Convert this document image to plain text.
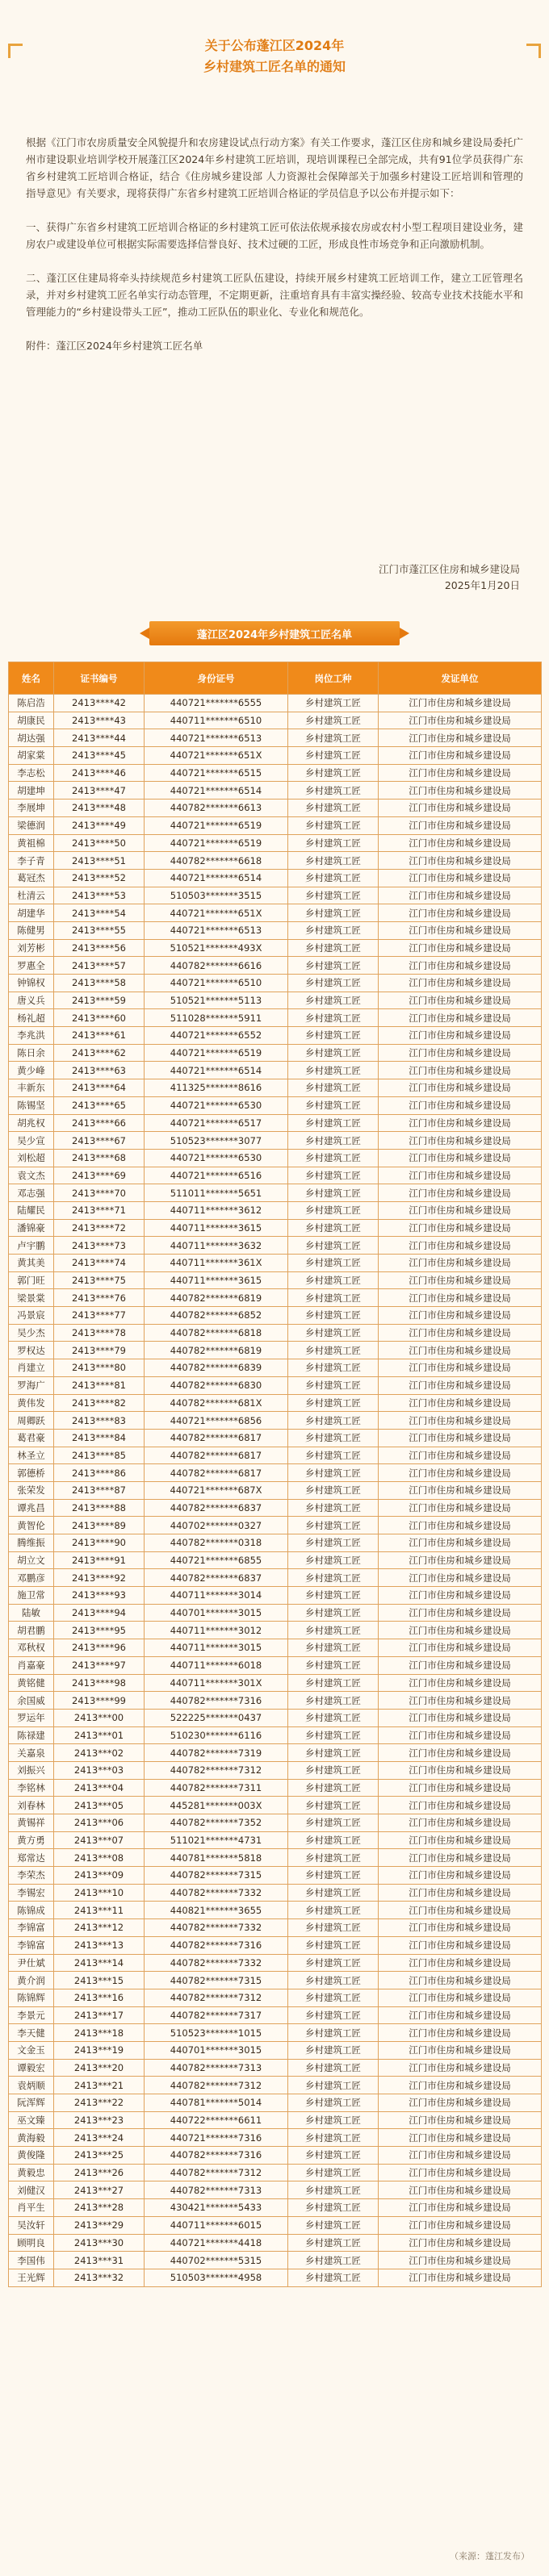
关于公布蓬江区2024年
乡村建筑工匠名单的通知

根据《江门市农房质量安全风貌提升和农房建设试点行动方案》有关工作要求，蓬江区住房和城乡建设局委托广州市建设职业培训学校开展蓬江区2024年乡村建筑工匠培训，现培训课程已全部完成，共有91位学员获得广东省乡村建筑工匠培训合格证，结合《住房城乡建设部 人力资源社会保障部关于加强乡村建设工匠培训和管理的指导意见》有关要求，现将获得广东省乡村建筑工匠培训合格证的学员信息予以公布并提示如下：

一、获得广东省乡村建筑工匠培训合格证的乡村建筑工匠可依法依规承接农房或农村小型工程项目建设业务，建房农户或建设单位可根据实际需要选择信誉良好、技术过硬的工匠，形成良性市场竞争和正向激励机制。

二、蓬江区住建局将牵头持续规范乡村建筑工匠队伍建设，持续开展乡村建筑工匠培训工作，建立工匠管理名录，并对乡村建筑工匠名单实行动态管理，不定期更新，注重培育具有丰富实操经验、较高专业技术技能水平和管理能力的“乡村建设带头工匠”，推动工匠队伍的职业化、专业化和规范化。

附件：蓬江区2024年乡村建筑工匠名单

江门市蓬江区住房和城乡建设局
2025年1月20日
蓬江区2024年乡村建筑工匠名单
姓名	证书编号	身份证号	岗位工种	发证单位
陈启浩	2413****42	440721*******6555	乡村建筑工匠	江门市住房和城乡建设局
胡康民	2413****43	440711*******6510	乡村建筑工匠	江门市住房和城乡建设局
胡达强	2413****44	440721*******6513	乡村建筑工匠	江门市住房和城乡建设局
胡家棠	2413****45	440721*******651X	乡村建筑工匠	江门市住房和城乡建设局
李志松	2413****46	440721*******6515	乡村建筑工匠	江门市住房和城乡建设局
胡建坤	2413****47	440721*******6514	乡村建筑工匠	江门市住房和城乡建设局
李展坤	2413****48	440782*******6613	乡村建筑工匠	江门市住房和城乡建设局
梁德润	2413****49	440721*******6519	乡村建筑工匠	江门市住房和城乡建设局
黄祖棉	2413****50	440721*******6519	乡村建筑工匠	江门市住房和城乡建设局
李子青	2413****51	440782*******6618	乡村建筑工匠	江门市住房和城乡建设局
葛冠杰	2413****52	440721*******6514	乡村建筑工匠	江门市住房和城乡建设局
杜清云	2413****53	510503*******3515	乡村建筑工匠	江门市住房和城乡建设局
胡建华	2413****54	440721*******651X	乡村建筑工匠	江门市住房和城乡建设局
陈健男	2413****55	440721*******6513	乡村建筑工匠	江门市住房和城乡建设局
刘芳彬	2413****56	510521*******493X	乡村建筑工匠	江门市住房和城乡建设局
罗惠全	2413****57	440782*******6616	乡村建筑工匠	江门市住房和城乡建设局
钟锦权	2413****58	440721*******6510	乡村建筑工匠	江门市住房和城乡建设局
唐义兵	2413****59	510521*******5113	乡村建筑工匠	江门市住房和城乡建设局
杨礼超	2413****60	511028*******5911	乡村建筑工匠	江门市住房和城乡建设局
李兆洪	2413****61	440721*******6552	乡村建筑工匠	江门市住房和城乡建设局
陈日余	2413****62	440721*******6519	乡村建筑工匠	江门市住房和城乡建设局
黄少峰	2413****63	440721*******6514	乡村建筑工匠	江门市住房和城乡建设局
丰新东	2413****64	411325*******8616	乡村建筑工匠	江门市住房和城乡建设局
陈锡坚	2413****65	440721*******6530	乡村建筑工匠	江门市住房和城乡建设局
胡兆权	2413****66	440721*******6517	乡村建筑工匠	江门市住房和城乡建设局
吴少宣	2413****67	510523*******3077	乡村建筑工匠	江门市住房和城乡建设局
刘松超	2413****68	440721*******6530	乡村建筑工匠	江门市住房和城乡建设局
袁文杰	2413****69	440721*******6516	乡村建筑工匠	江门市住房和城乡建设局
邓志强	2413****70	511011*******5651	乡村建筑工匠	江门市住房和城乡建设局
陆耀民	2413****71	440711*******3612	乡村建筑工匠	江门市住房和城乡建设局
潘锦豪	2413****72	440711*******3615	乡村建筑工匠	江门市住房和城乡建设局
卢宇鹏	2413****73	440711*******3632	乡村建筑工匠	江门市住房和城乡建设局
黄其美	2413****74	440711*******361X	乡村建筑工匠	江门市住房和城乡建设局
郭门旺	2413****75	440711*******3615	乡村建筑工匠	江门市住房和城乡建设局
梁景棠	2413****76	440782*******6819	乡村建筑工匠	江门市住房和城乡建设局
冯景宸	2413****77	440782*******6852	乡村建筑工匠	江门市住房和城乡建设局
吴少杰	2413****78	440782*******6818	乡村建筑工匠	江门市住房和城乡建设局
罗权达	2413****79	440782*******6819	乡村建筑工匠	江门市住房和城乡建设局
肖建立	2413****80	440782*******6839	乡村建筑工匠	江门市住房和城乡建设局
罗海广	2413****81	440782*******6830	乡村建筑工匠	江门市住房和城乡建设局
黄伟发	2413****82	440782*******681X	乡村建筑工匠	江门市住房和城乡建设局
周卿跃	2413****83	440721*******6856	乡村建筑工匠	江门市住房和城乡建设局
葛君豪	2413****84	440782*******6817	乡村建筑工匠	江门市住房和城乡建设局
林圣立	2413****85	440782*******6817	乡村建筑工匠	江门市住房和城乡建设局
郭德桥	2413****86	440782*******6817	乡村建筑工匠	江门市住房和城乡建设局
张荣发	2413****87	440721*******687X	乡村建筑工匠	江门市住房和城乡建设局
谭兆昌	2413****88	440782*******6837	乡村建筑工匠	江门市住房和城乡建设局
黄智伦	2413****89	440702*******0327	乡村建筑工匠	江门市住房和城乡建设局
腾维振	2413****90	440782*******0318	乡村建筑工匠	江门市住房和城乡建设局
胡立文	2413****91	440721*******6855	乡村建筑工匠	江门市住房和城乡建设局
邓鹏彦	2413****92	440782*******6837	乡村建筑工匠	江门市住房和城乡建设局
施卫常	2413****93	440711*******3014	乡村建筑工匠	江门市住房和城乡建设局
陆敏	2413****94	440701*******3015	乡村建筑工匠	江门市住房和城乡建设局
胡君鹏	2413****95	440711*******3012	乡村建筑工匠	江门市住房和城乡建设局
邓秋权	2413****96	440711*******3015	乡村建筑工匠	江门市住房和城乡建设局
肖嘉豪	2413****97	440711*******6018	乡村建筑工匠	江门市住房和城乡建设局
黄铭健	2413****98	440711*******301X	乡村建筑工匠	江门市住房和城乡建设局
余国威	2413****99	440782*******7316	乡村建筑工匠	江门市住房和城乡建设局
罗运年	2413***00	522225*******0437	乡村建筑工匠	江门市住房和城乡建设局
陈禄建	2413***01	510230*******6116	乡村建筑工匠	江门市住房和城乡建设局
关嘉泉	2413***02	440782*******7319	乡村建筑工匠	江门市住房和城乡建设局
刘振兴	2413***03	440782*******7312	乡村建筑工匠	江门市住房和城乡建设局
李铭林	2413***04	440782*******7311	乡村建筑工匠	江门市住房和城乡建设局
刘春林	2413***05	445281*******003X	乡村建筑工匠	江门市住房和城乡建设局
黄锡祥	2413***06	440782*******7352	乡村建筑工匠	江门市住房和城乡建设局
黄方勇	2413***07	511021*******4731	乡村建筑工匠	江门市住房和城乡建设局
郑常达	2413***08	440781*******5818	乡村建筑工匠	江门市住房和城乡建设局
李荣杰	2413***09	440782*******7315	乡村建筑工匠	江门市住房和城乡建设局
李锡宏	2413***10	440782*******7332	乡村建筑工匠	江门市住房和城乡建设局
陈锦成	2413***11	440821*******3655	乡村建筑工匠	江门市住房和城乡建设局
李锦富	2413***12	440782*******7332	乡村建筑工匠	江门市住房和城乡建设局
李锦富	2413***13	440782*******7316	乡村建筑工匠	江门市住房和城乡建设局
尹仕斌	2413***14	440782*******7332	乡村建筑工匠	江门市住房和城乡建设局
黄介润	2413***15	440782*******7315	乡村建筑工匠	江门市住房和城乡建设局
陈锦辉	2413***16	440782*******7312	乡村建筑工匠	江门市住房和城乡建设局
李景元	2413***17	440782*******7317	乡村建筑工匠	江门市住房和城乡建设局
李天健	2413***18	510523*******1015	乡村建筑工匠	江门市住房和城乡建设局
文金玉	2413***19	440701*******3015	乡村建筑工匠	江门市住房和城乡建设局
谭毅宏	2413***20	440782*******7313	乡村建筑工匠	江门市住房和城乡建设局
袁炳顺	2413***21	440782*******7312	乡村建筑工匠	江门市住房和城乡建设局
阮浑辉	2413***22	440781*******5014	乡村建筑工匠	江门市住房和城乡建设局
巫文臻	2413***23	440722*******6611	乡村建筑工匠	江门市住房和城乡建设局
黄海毅	2413***24	440721*******7316	乡村建筑工匠	江门市住房和城乡建设局
黄俊隆	2413***25	440782*******7316	乡村建筑工匠	江门市住房和城乡建设局
黄毅忠	2413***26	440782*******7312	乡村建筑工匠	江门市住房和城乡建设局
刘健汉	2413***27	440782*******7313	乡村建筑工匠	江门市住房和城乡建设局
肖平生	2413***28	430421*******5433	乡村建筑工匠	江门市住房和城乡建设局
吴汝轩	2413***29	440711*******6015	乡村建筑工匠	江门市住房和城乡建设局
顾明良	2413***30	440721*******4418	乡村建筑工匠	江门市住房和城乡建设局
李国伟	2413***31	440702*******5315	乡村建筑工匠	江门市住房和城乡建设局
王光辉	2413***32	510503*******4958	乡村建筑工匠	江门市住房和城乡建设局
（来源：蓬江发布）
